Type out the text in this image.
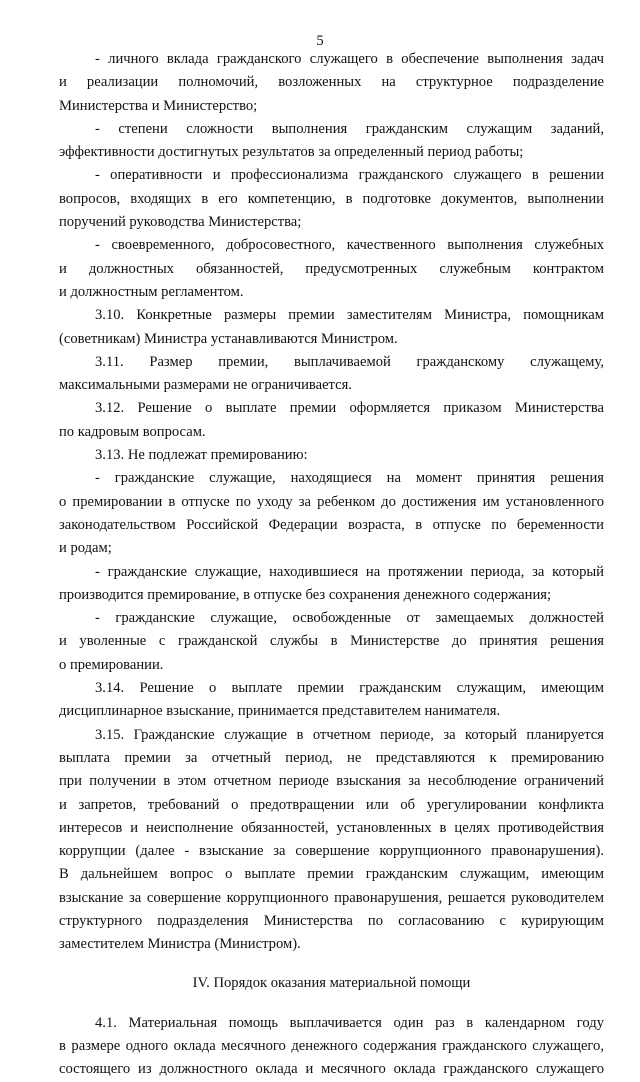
5
- личного вклада гражданского служащего в обеспечение выполнения задач
и реализации полномочий, возложенных на структурное подразделение
Министерства и Министерство;
- степени сложности выполнения гражданским служащим заданий,
эффективности достигнутых результатов за определенный период работы;
- оперативности и профессионализма гражданского служащего в решении
вопросов, входящих в его компетенцию, в подготовке документов, выполнении
поручений руководства Министерства;
- своевременного, добросовестного, качественного выполнения служебных
и должностных обязанностей, предусмотренных служебным контрактом
и должностным регламентом.
3.10. Конкретные размеры премии заместителям Министра, помощникам
(советникам) Министра устанавливаются Министром.
3.11. Размер премии, выплачиваемой гражданскому служащему,
максимальными размерами не ограничивается.
3.12. Решение о выплате премии оформляется приказом Министерства
по кадровым вопросам.
3.13. Не подлежат премированию:
- гражданские служащие, находящиеся на момент принятия решения
о премировании в отпуске по уходу за ребенком до достижения им установленного
законодательством Российской Федерации возраста, в отпуске по беременности
и родам;
- гражданские служащие, находившиеся на протяжении периода, за который
производится премирование, в отпуске без сохранения денежного содержания;
- гражданские служащие, освобожденные от замещаемых должностей
и уволенные с гражданской службы в Министерстве до принятия решения
о премировании.
3.14. Решение о выплате премии гражданским служащим, имеющим
дисциплинарное взыскание, принимается представителем нанимателя.
3.15. Гражданские служащие в отчетном периоде, за который планируется
выплата премии за отчетный период, не представляются к премированию
при получении в этом отчетном периоде взыскания за несоблюдение ограничений
и запретов, требований о предотвращении или об урегулировании конфликта
интересов и неисполнение обязанностей, установленных в целях противодействия
коррупции (далее - взыскание за совершение коррупционного правонарушения).
В дальнейшем вопрос о выплате премии гражданским служащим, имеющим
взыскание за совершение коррупционного правонарушения, решается руководителем
структурного подразделения Министерства по согласованию с курирующим
заместителем Министра (Министром).
IV. Порядок оказания материальной помощи
4.1. Материальная помощь выплачивается один раз в календарном году
в размере одного оклада месячного денежного содержания гражданского служащего,
состоящего из должностного оклада и месячного оклада гражданского служащего
